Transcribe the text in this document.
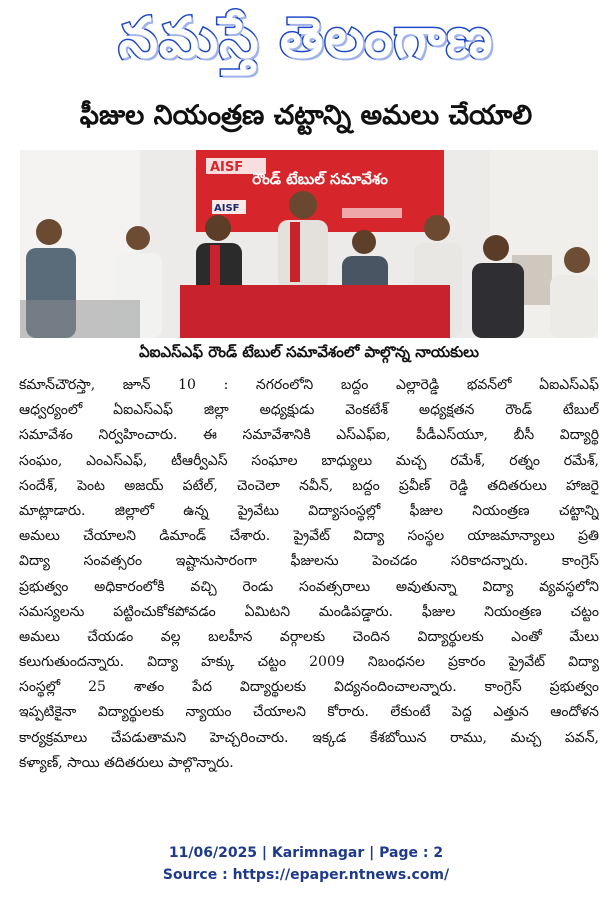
నమస్తే తెలంగాణ
ఫీజుల నియంత్రణ చట్టాన్ని అమలు చేయాలి
AISF
రౌండ్ టేబుల్ సమావేశం
AISF
ఏఐఎస్ఎఫ్ రౌండ్ టేబుల్ సమావేశంలో పాల్గొన్న నాయకులు
కమాన్‌చౌరస్తా, జూన్ 10 : నగరంలోని బద్దం ఎల్లారెడ్డి భవన్‌లో ఏఐఎస్ఎఫ్
ఆధ్వర్యంలో ఏఐఎస్ఎఫ్ జిల్లా అధ్యక్షుడు వెంకటేశ్ అధ్యక్షతన రౌండ్ టేబుల్
సమావేశం నిర్వహించారు. ఈ సమావేశానికి ఎస్ఎఫ్ఐ, పీడీఎస్‌యూ, బీసీ విద్యార్థి
సంఘం, ఎంఎస్ఎఫ్, టీఆర్వీఎస్ సంఘాల బాధ్యులు మచ్చ రమేశ్, రత్నం రమేశ్,
సందేశ్, పెంట అజయ్ పటేల్, చెంచెలా నవీన్, బద్దం ప్రవీణ్ రెడ్డి తదితరులు హాజరై
మాట్లాడారు. జిల్లాలో ఉన్న ప్రైవేటు విద్యాసంస్థల్లో ఫీజుల నియంత్రణ చట్టాన్ని
అమలు చేయాలని డిమాండ్ చేశారు. ప్రైవేట్ విద్యా సంస్థల యాజమాన్యాలు ప్రతి
విద్యా సంవత్సరం ఇష్టానుసారంగా ఫీజులను పెంచడం సరికాదన్నారు. కాంగ్రెస్
ప్రభుత్వం అధికారంలోకి వచ్చి రెండు సంవత్సరాలు అవుతున్నా విద్యా వ్యవస్థలోని
సమస్యలను పట్టించుకోకపోవడం ఏమిటని మండిపడ్డారు. ఫీజుల నియంత్రణ చట్టం
అమలు చేయడం వల్ల బలహీన వర్గాలకు చెందిన విద్యార్థులకు ఎంతో మేలు
కలుగుతుందన్నారు. విద్యా హక్కు చట్టం 2009 నిబంధనల ప్రకారం ప్రైవేట్ విద్యా
సంస్థల్లో 25 శాతం పేద విద్యార్థులకు విద్యనందించాలన్నారు. కాంగ్రెస్ ప్రభుత్వం
ఇప్పటికైనా విద్యార్థులకు న్యాయం చేయాలని కోరారు. లేకుంటే పెద్ద ఎత్తున ఆందోళన
కార్యక్రమాలు చేపడుతామని హెచ్చరించారు. ఇక్కడ కేశబోయిన రాము, మచ్చ పవన్,
కళ్యాణ్, సాయి తదితరులు పాల్గొన్నారు.
11/06/2025 | Karimnagar | Page : 2
Source : https://epaper.ntnews.com/
